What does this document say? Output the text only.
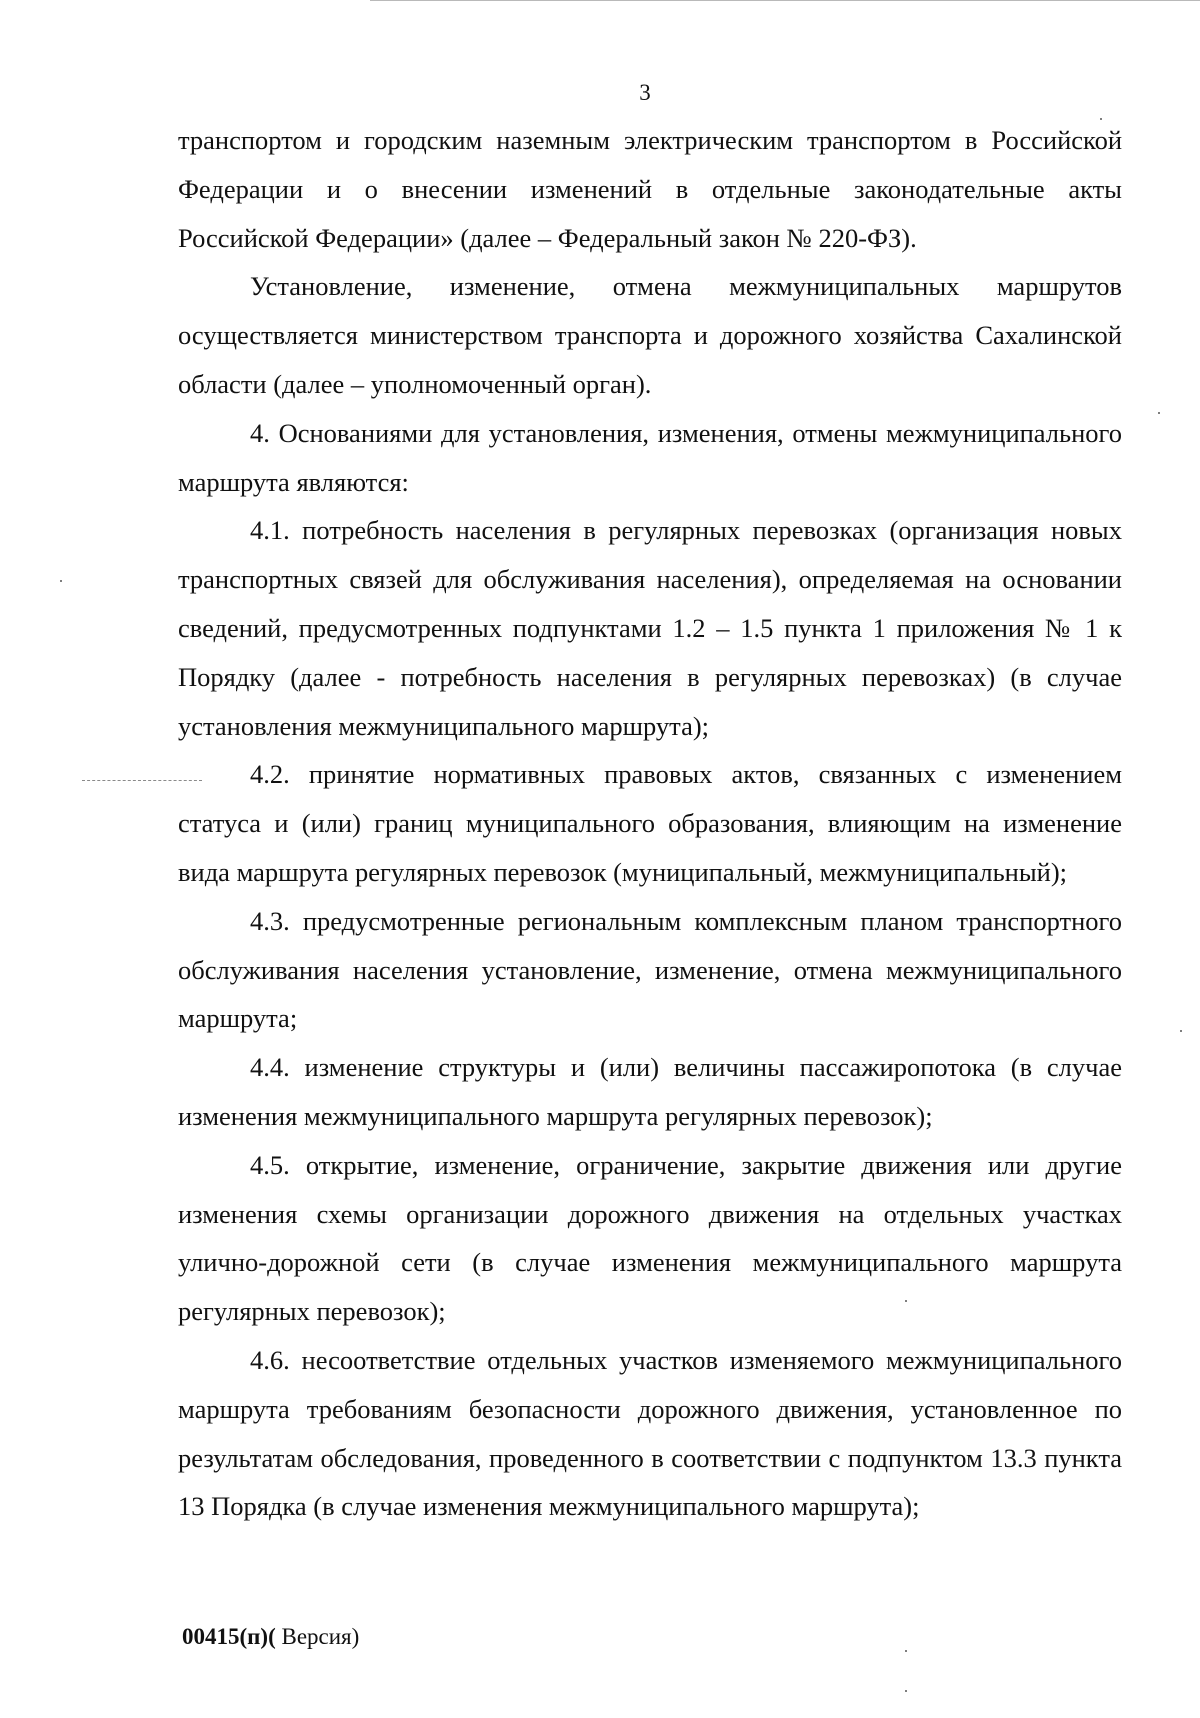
3

транспортом и городским наземным электрическим транспортом в Российской Федерации и о внесении изменений в отдельные законодательные акты Российской Федерации» (далее – Федеральный закон № 220-ФЗ).

Установление, изменение, отмена межмуниципальных маршрутов осуществляется министерством транспорта и дорожного хозяйства Сахалинской области (далее – уполномоченный орган).

4. Основаниями для установления, изменения, отмены межмуниципального маршрута являются:

4.1. потребность населения в регулярных перевозках (организация новых транспортных связей для обслуживания населения), определяемая на основании сведений, предусмотренных подпунктами 1.2 – 1.5 пункта 1 приложения № 1 к Порядку (далее - потребность населения в регулярных перевозках) (в случае установления межмуниципального маршрута);

4.2. принятие нормативных правовых актов, связанных с изменением статуса и (или) границ муниципального образования, влияющим на изменение вида маршрута регулярных перевозок (муниципальный, межмуниципальный);

4.3. предусмотренные региональным комплексным планом транспортного обслуживания населения установление, изменение, отмена межмуниципального маршрута;

4.4. изменение структуры и (или) величины пассажиропотока (в случае изменения межмуниципального маршрута регулярных перевозок);

4.5. открытие, изменение, ограничение, закрытие движения или другие изменения схемы организации дорожного движения на отдельных участках улично-дорожной сети (в случае изменения межмуниципального маршрута регулярных перевозок);

4.6. несоответствие отдельных участков изменяемого межмуниципального маршрута требованиям безопасности дорожного движения, установленное по результатам обследования, проведенного в соответствии с подпунктом 13.3 пункта 13 Порядка (в случае изменения межмуниципального маршрута);

00415(п)( Версия)
